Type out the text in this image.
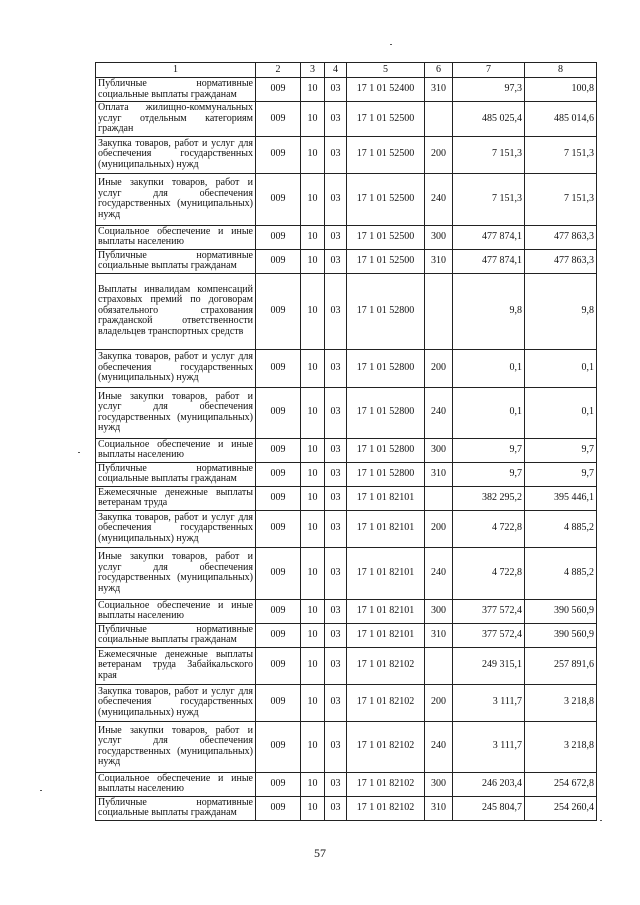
1	2	3	4	5	6	7	8
Публичные нормативные социальные выплаты гражданам	009	10	03	17 1 01 52400	310	97,3	100,8
Оплата жилищно-коммунальных услуг отдельным категориям граждан	009	10	03	17 1 01 52500		485 025,4	485 014,6
Закупка товаров, работ и услуг для обеспечения государственных (муниципальных) нужд	009	10	03	17 1 01 52500	200	7 151,3	7 151,3
Иные закупки товаров, работ и услуг для обеспечения государственных (муниципальных) нужд	009	10	03	17 1 01 52500	240	7 151,3	7 151,3
Социальное обеспечение и иные выплаты населению	009	10	03	17 1 01 52500	300	477 874,1	477 863,3
Публичные нормативные социальные выплаты гражданам	009	10	03	17 1 01 52500	310	477 874,1	477 863,3
Выплаты инвалидам компенсаций страховых премий по договорам обязательного страхования гражданской ответственности владельцев транспортных средств	009	10	03	17 1 01 52800		9,8	9,8
Закупка товаров, работ и услуг для обеспечения государственных (муниципальных) нужд	009	10	03	17 1 01 52800	200	0,1	0,1
Иные закупки товаров, работ и услуг для обеспечения государственных (муниципальных) нужд	009	10	03	17 1 01 52800	240	0,1	0,1
Социальное обеспечение и иные выплаты населению	009	10	03	17 1 01 52800	300	9,7	9,7
Публичные нормативные социальные выплаты гражданам	009	10	03	17 1 01 52800	310	9,7	9,7
Ежемесячные денежные выплаты ветеранам труда	009	10	03	17 1 01 82101		382 295,2	395 446,1
Закупка товаров, работ и услуг для обеспечения государственных (муниципальных) нужд	009	10	03	17 1 01 82101	200	4 722,8	4 885,2
Иные закупки товаров, работ и услуг для обеспечения государственных (муниципальных) нужд	009	10	03	17 1 01 82101	240	4 722,8	4 885,2
Социальное обеспечение и иные выплаты населению	009	10	03	17 1 01 82101	300	377 572,4	390 560,9
Публичные нормативные социальные выплаты гражданам	009	10	03	17 1 01 82101	310	377 572,4	390 560,9
Ежемесячные денежные выплаты ветеранам труда Забайкальского края	009	10	03	17 1 01 82102		249 315,1	257 891,6
Закупка товаров, работ и услуг для обеспечения государственных (муниципальных) нужд	009	10	03	17 1 01 82102	200	3 111,7	3 218,8
Иные закупки товаров, работ и услуг для обеспечения государственных (муниципальных) нужд	009	10	03	17 1 01 82102	240	3 111,7	3 218,8
Социальное обеспечение и иные выплаты населению	009	10	03	17 1 01 82102	300	246 203,4	254 672,8
Публичные нормативные социальные выплаты гражданам	009	10	03	17 1 01 82102	310	245 804,7	254 260,4
57
